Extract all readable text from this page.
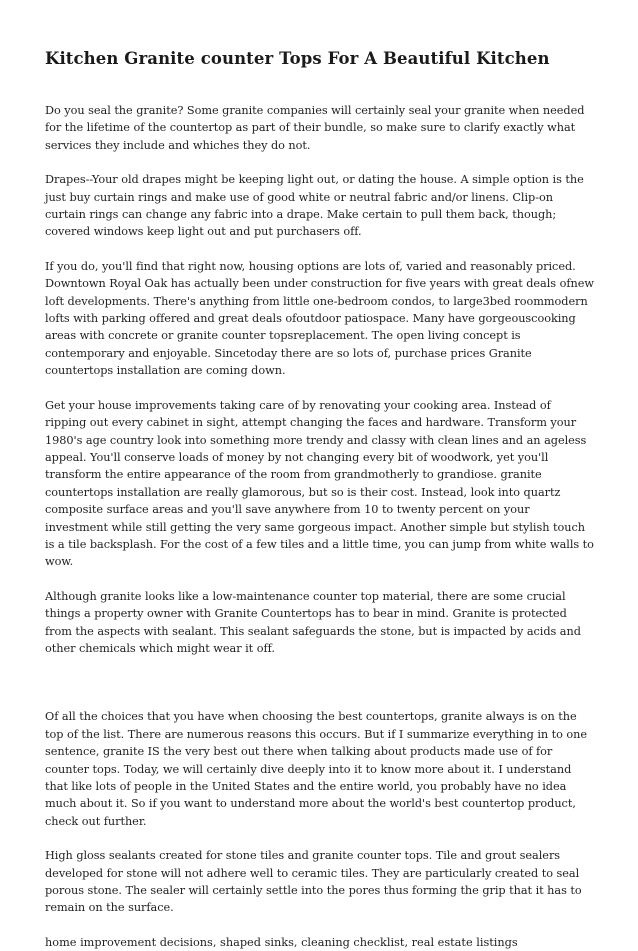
Kitchen Granite counter Tops For A Beautiful Kitchen

Do you seal the granite? Some granite companies will certainly seal your granite when needed for the lifetime of the countertop as part of their bundle, so make sure to clarify exactly what services they include and whiches they do not.

Drapes--Your old drapes might be keeping light out, or dating the house. A simple option is the just buy curtain rings and make use of good white or neutral fabric and/or linens. Clip-on curtain rings can change any fabric into a drape. Make certain to pull them back, though; covered windows keep light out and put purchasers off.

If you do, you'll find that right now, housing options are lots of, varied and reasonably priced. Downtown Royal Oak has actually been under construction for five years with great deals ofnew loft developments. There's anything from little one-bedroom condos, to large3bed roommodern lofts with parking offered and great deals ofoutdoor patiospace. Many have gorgeouscooking areas with concrete or granite counter topsreplacement. The open living concept is contemporary and enjoyable. Sincetoday there are so lots of, purchase prices Granite countertops installation are coming down.

Get your house improvements taking care of by renovating your cooking area. Instead of ripping out every cabinet in sight, attempt changing the faces and hardware. Transform your 1980's age country look into something more trendy and classy with clean lines and an ageless appeal. You'll conserve loads of money by not changing every bit of woodwork, yet you'll transform the entire appearance of the room from grandmotherly to grandiose. granite countertops installation are really glamorous, but so is their cost. Instead, look into quartz composite surface areas and you'll save anywhere from 10 to twenty percent on your investment while still getting the very same gorgeous impact. Another simple but stylish touch is a tile backsplash. For the cost of a few tiles and a little time, you can jump from white walls to wow.

Although granite looks like a low-maintenance counter top material, there are some crucial things a property owner with Granite Countertops has to bear in mind. Granite is protected from the aspects with sealant. This sealant safeguards the stone, but is impacted by acids and other chemicals which might wear it off.

Of all the choices that you have when choosing the best countertops, granite always is on the top of the list. There are numerous reasons this occurs. But if I summarize everything in to one sentence, granite IS the very best out there when talking about products made use of for counter tops. Today, we will certainly dive deeply into it to know more about it. I understand that like lots of people in the United States and the entire world, you probably have no idea much about it. So if you want to understand more about the world's best countertop product, check out further.

High gloss sealants created for stone tiles and granite counter tops. Tile and grout sealers developed for stone will not adhere well to ceramic tiles. They are particularly created to seal porous stone. The sealer will certainly settle into the pores thus forming the grip that it has to remain on the surface.

home improvement decisions, shaped sinks, cleaning checklist, real estate listings
